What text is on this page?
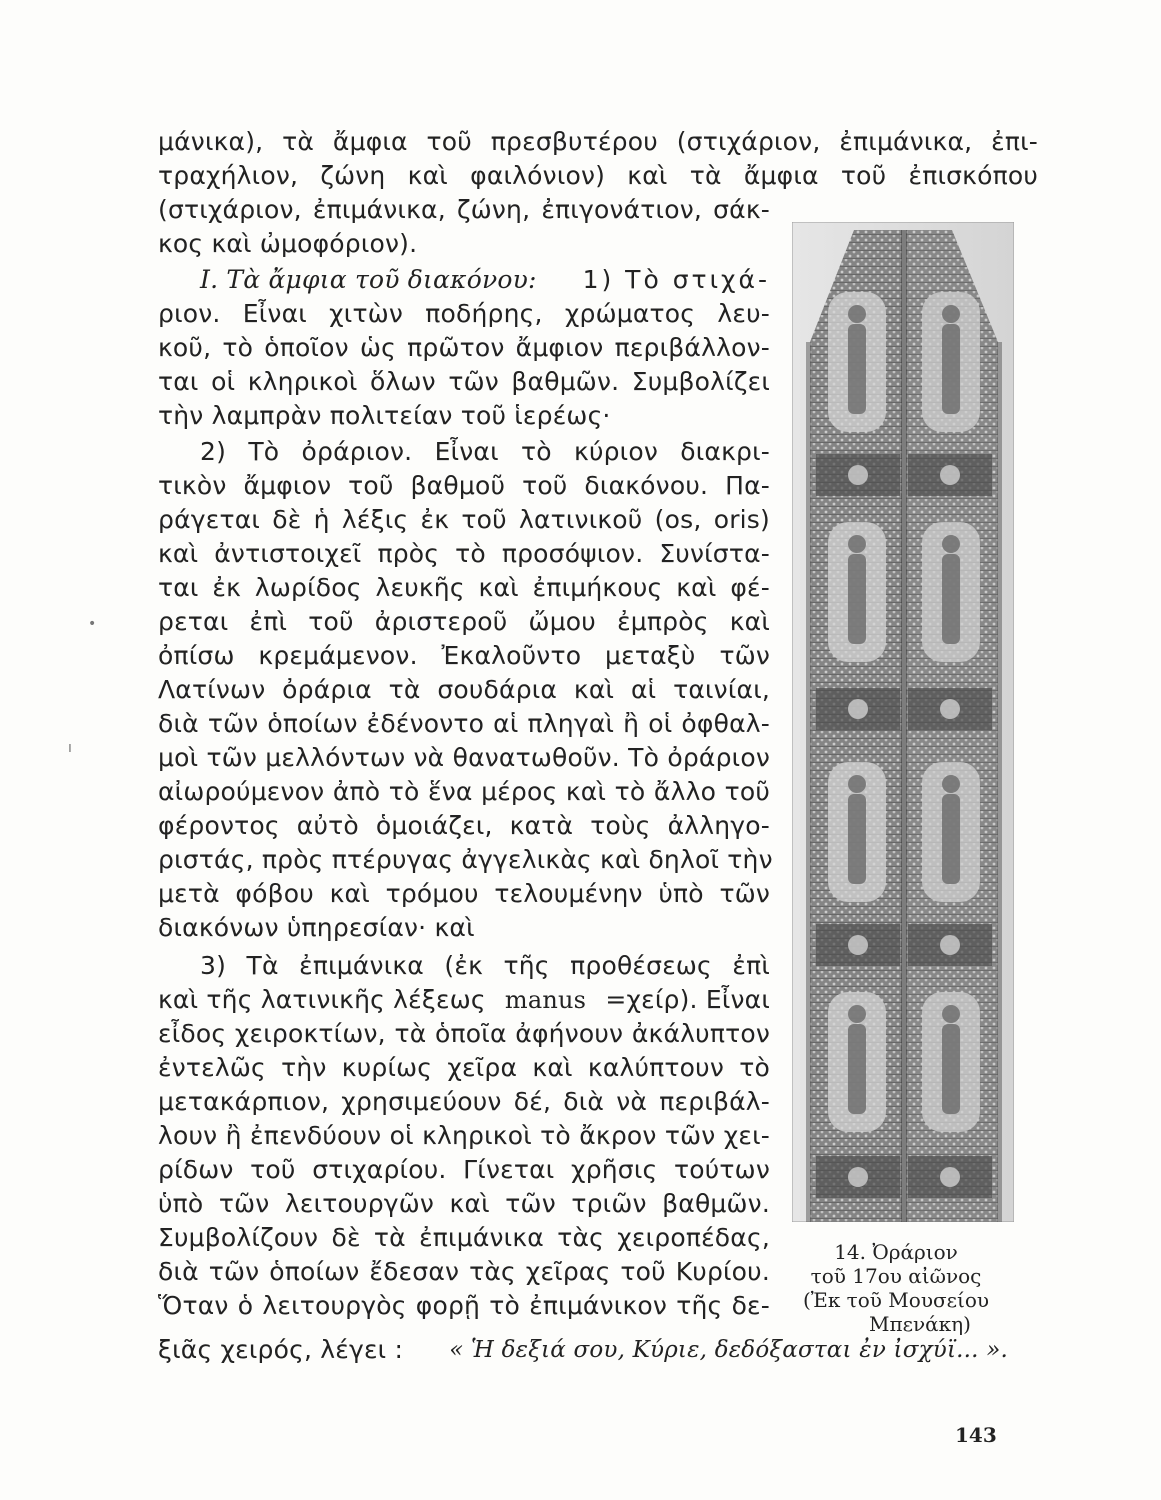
μάνικα), τὰ ἄμφια τοῦ πρεσβυτέρου (στιχάριον, ἐπιμάνικα, ἐπι-
τραχήλιον, ζώνη καὶ φαιλόνιον) καὶ τὰ ἄμφια τοῦ ἐπισκόπου
(στιχάριον, ἐπιμάνικα, ζώνη, ἐπιγονάτιον, σάκ-
κος καὶ ὠμοφόριον).
Ι. Τὰ ἄμφια τοῦ διακόνου: 1) Τὸ στιχά-
ριον. Εἶναι χιτὼν ποδήρης, χρώματος λευ-
κοῦ, τὸ ὁποῖον ὡς πρῶτον ἄμφιον περιβάλλον-
ται οἱ κληρικοὶ ὅλων τῶν βαθμῶν. Συμβολίζει
τὴν λαμπρὰν πολιτείαν τοῦ ἱερέως·
2) Τὸ ὀράριον. Εἶναι τὸ κύριον διακρι-
τικὸν ἄμφιον τοῦ βαθμοῦ τοῦ διακόνου. Πα-
ράγεται δὲ ἡ λέξις ἐκ τοῦ λατινικοῦ (os, oris)
καὶ ἀντιστοιχεῖ πρὸς τὸ προσόψιον. Συνίστα-
ται ἐκ λωρίδος λευκῆς καὶ ἐπιμήκους καὶ φέ-
ρεται ἐπὶ τοῦ ἀριστεροῦ ὤμου ἐμπρὸς καὶ
ὀπίσω κρεμάμενον. Ἐκαλοῦντο μεταξὺ τῶν
Λατίνων ὀράρια τὰ σουδάρια καὶ αἱ ταινίαι,
διὰ τῶν ὁποίων ἐδένοντο αἱ πληγαὶ ἢ οἱ ὀφθαλ-
μοὶ τῶν μελλόντων νὰ θανατωθοῦν. Τὸ ὀράριον
αἰωρούμενον ἀπὸ τὸ ἕνα μέρος καὶ τὸ ἄλλο τοῦ
φέροντος αὐτὸ ὁμοιάζει, κατὰ τοὺς ἀλληγο-
ριστάς, πρὸς πτέρυγας ἀγγελικὰς καὶ δηλοῖ τὴν
μετὰ φόβου καὶ τρόμου τελουμένην ὑπὸ τῶν
διακόνων ὑπηρεσίαν· καὶ
3) Τὰ ἐπιμάνικα (ἐκ τῆς προθέσεως ἐπὶ
καὶ τῆς λατινικῆς λέξεως manus =χείρ). Εἶναι
εἶδος χειροκτίων, τὰ ὁποῖα ἀφήνουν ἀκάλυπτον
ἐντελῶς τὴν κυρίως χεῖρα καὶ καλύπτουν τὸ
μετακάρπιον, χρησιμεύουν δέ, διὰ νὰ περιβάλ-
λουν ἢ ἐπενδύουν οἱ κληρικοὶ τὸ ἄκρον τῶν χει-
ρίδων τοῦ στιχαρίου. Γίνεται χρῆσις τούτων
ὑπὸ τῶν λειτουργῶν καὶ τῶν τριῶν βαθμῶν.
Συμβολίζουν δὲ τὰ ἐπιμάνικα τὰς χειροπέδας,
διὰ τῶν ὁποίων ἔδεσαν τὰς χεῖρας τοῦ Κυρίου.
Ὅταν ὁ λειτουργὸς φορῇ τὸ ἐπιμάνικον τῆς δε-
ξιᾶς χειρός, λέγει : « Ἡ δεξιά σου, Κύριε, δεδόξασται ἐν ἰσχύϊ... ».
14. Ὀράριον
τοῦ 17ου αἰῶνος
(Ἐκ τοῦ Μουσείου
Μπενάκη)
143
•
ı
